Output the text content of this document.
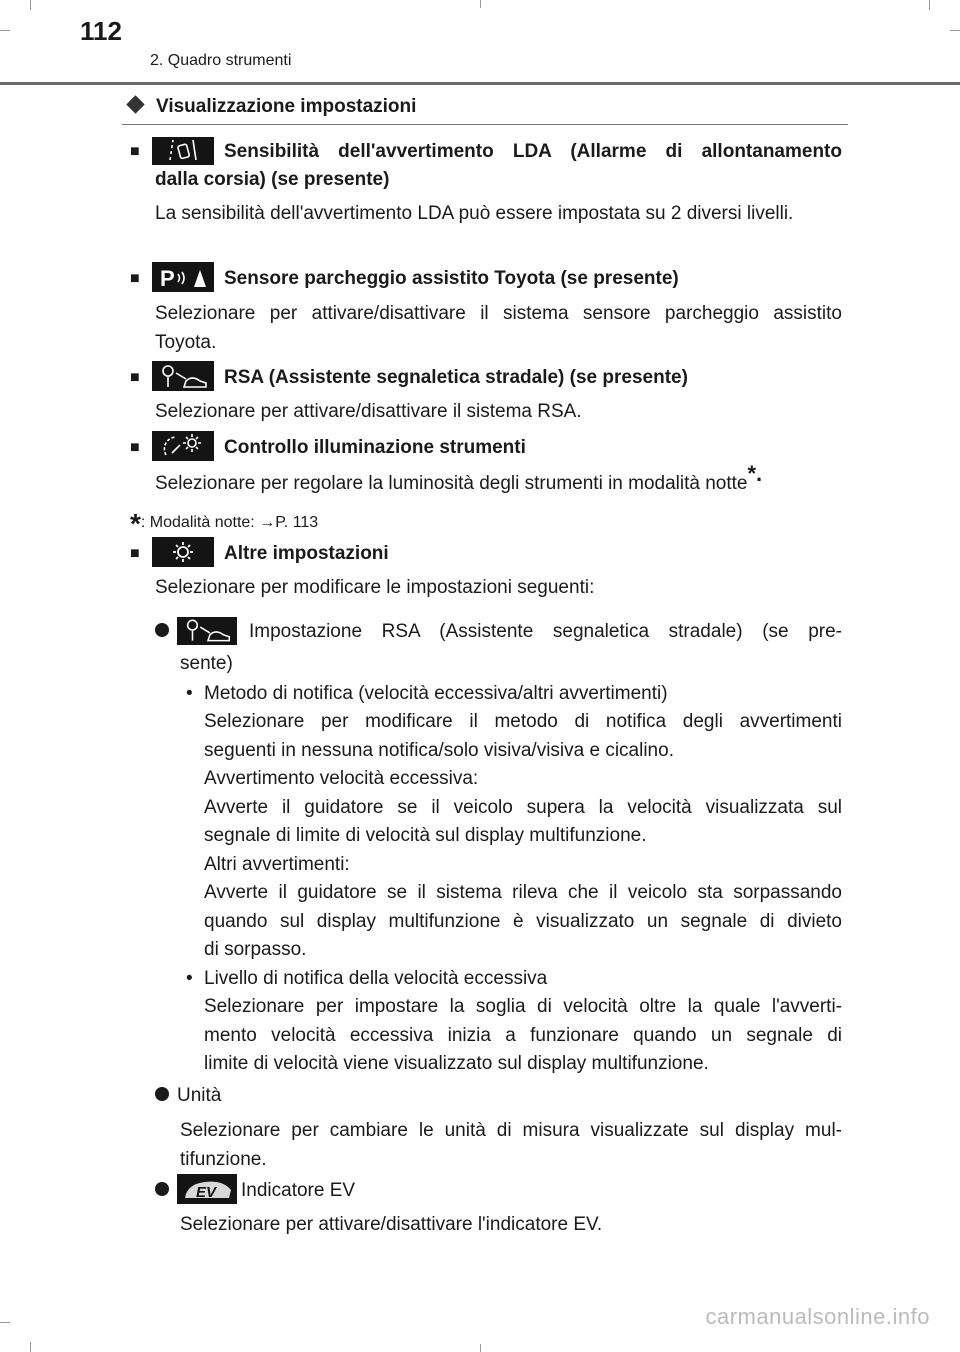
112
2. Quadro strumenti
Visualizzazione impostazioni
■	Sensibilità dell'avvertimento LDA (Allarme di allontanamento
dalla corsia) (se presente)
La sensibilità dell'avvertimento LDA può essere impostata su 2 diversi livelli.
■ P	Sensore parcheggio assistito Toyota (se presente)
Selezionare per attivare/disattivare il sistema sensore parcheggio assistito Toyota.
■	RSA (Assistente segnaletica stradale) (se presente)
Selezionare per attivare/disattivare il sistema RSA.
■	Controllo illuminazione strumenti
Selezionare per regolare la luminosità degli strumenti in modalità notte*.
*: Modalità notte: →P. 113
■	Altre impostazioni
Selezionare per modificare le impostazioni seguenti:
Impostazione RSA (Assistente segnaletica stradale) (se pre-
sente)
• Metodo di notifica (velocità eccessiva/altri avvertimenti)
Selezionare per modificare il metodo di notifica degli avvertimenti
seguenti in nessuna notifica/solo visiva/visiva e cicalino.
Avvertimento velocità eccessiva:
Avverte il guidatore se il veicolo supera la velocità visualizzata sul
segnale di limite di velocità sul display multifunzione.
Altri avvertimenti:
Avverte il guidatore se il sistema rileva che il veicolo sta sorpassando
quando sul display multifunzione è visualizzato un segnale di divieto
di sorpasso.
• Livello di notifica della velocità eccessiva
Selezionare per impostare la soglia di velocità oltre la quale l'avverti-
mento velocità eccessiva inizia a funzionare quando un segnale di
limite di velocità viene visualizzato sul display multifunzione.
Unità
Selezionare per cambiare le unità di misura visualizzate sul display mul-
tifunzione.
EV Indicatore EV
Selezionare per attivare/disattivare l'indicatore EV.
carmanualsonline.info
